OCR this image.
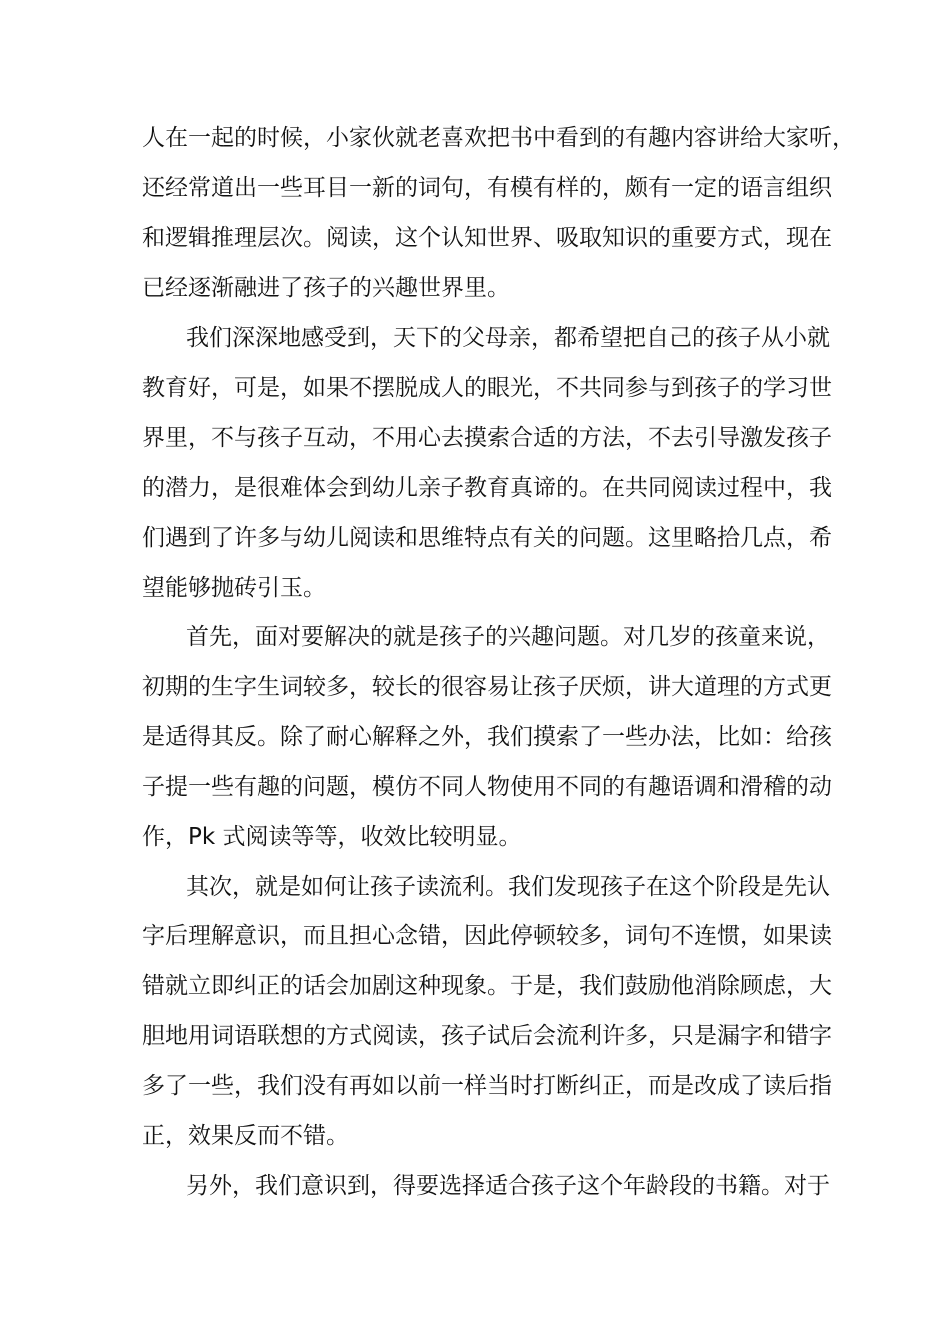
人在一起的时候，小家伙就老喜欢把书中看到的有趣内容讲给大家听，
还经常道出一些耳目一新的词句，有模有样的，颇有一定的语言组织
和逻辑推理层次。阅读，这个认知世界、吸取知识的重要方式，现在
已经逐渐融进了孩子的兴趣世界里。
我们深深地感受到，天下的父母亲，都希望把自己的孩子从小就
教育好，可是，如果不摆脱成人的眼光，不共同参与到孩子的学习世
界里，不与孩子互动，不用心去摸索合适的方法，不去引导激发孩子
的潜力，是很难体会到幼儿亲子教育真谛的。在共同阅读过程中，我
们遇到了许多与幼儿阅读和思维特点有关的问题。这里略拾几点，希
望能够抛砖引玉。
首先，面对要解决的就是孩子的兴趣问题。对几岁的孩童来说，
初期的生字生词较多，较长的很容易让孩子厌烦，讲大道理的方式更
是适得其反。除了耐心解释之外，我们摸索了一些办法，比如：给孩
子提一些有趣的问题，模仿不同人物使用不同的有趣语调和滑稽的动
作，Pk 式阅读等等，收效比较明显。
其次，就是如何让孩子读流利。我们发现孩子在这个阶段是先认
字后理解意识，而且担心念错，因此停顿较多，词句不连惯，如果读
错就立即纠正的话会加剧这种现象。于是，我们鼓励他消除顾虑，大
胆地用词语联想的方式阅读，孩子试后会流利许多，只是漏字和错字
多了一些，我们没有再如以前一样当时打断纠正，而是改成了读后指
正，效果反而不错。
另外，我们意识到，得要选择适合孩子这个年龄段的书籍。对于
